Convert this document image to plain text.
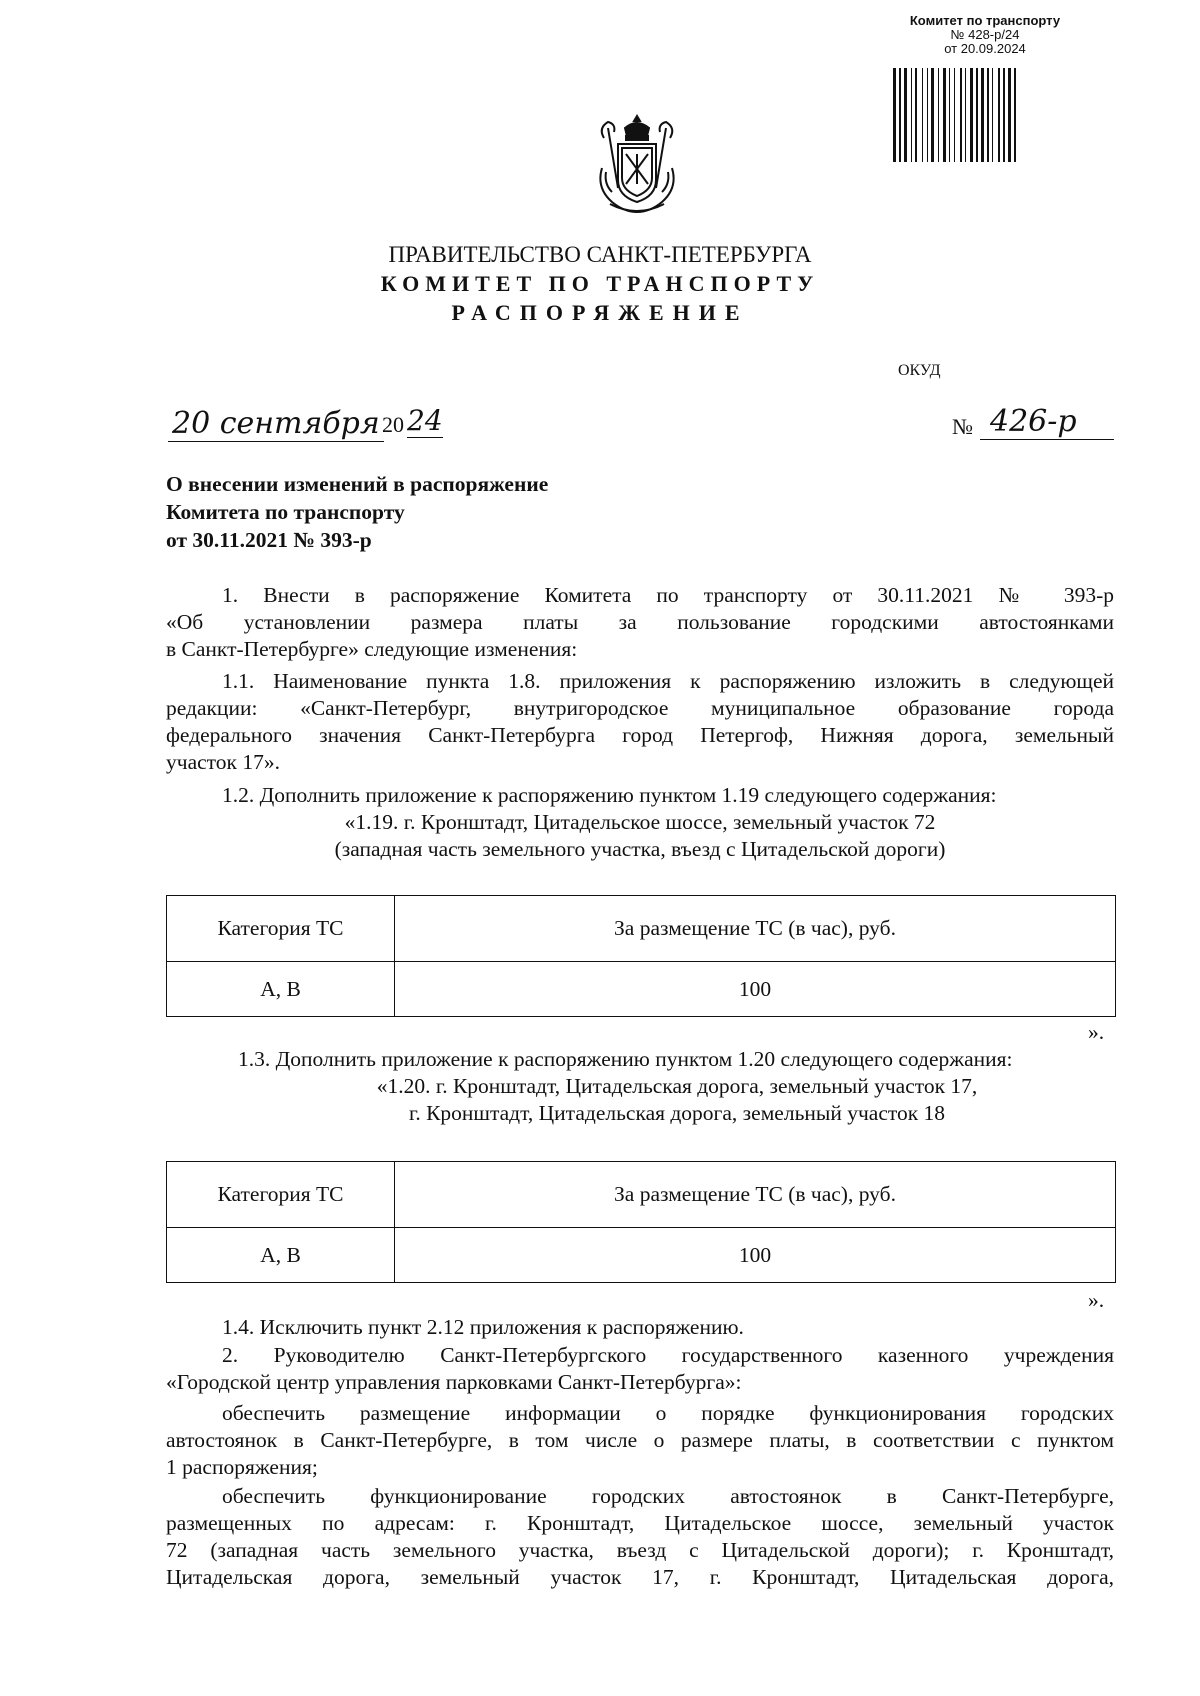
Комитет по транспорту
№ 428-р/24
от 20.09.2024
ПРАВИТЕЛЬСТВО САНКТ-ПЕТЕРБУРГА
КОМИТЕТ ПО ТРАНСПОРТУ
РАСПОРЯЖЕНИЕ
ОКУД
20 сентября 20 24	№ 426-р
О внесении изменений в распоряжение
Комитета по транспорту
от 30.11.2021 № 393-р
1. Внести в распоряжение Комитета по транспорту от 30.11.2021 № 393-р
«Об установлении размера платы за пользование городскими автостоянками
в Санкт-Петербурге» следующие изменения:
1.1. Наименование пункта 1.8. приложения к распоряжению изложить в следующей
редакции: «Санкт-Петербург, внутригородское муниципальное образование города
федерального значения Санкт-Петербурга город Петергоф, Нижняя дорога, земельный
участок 17».
1.2. Дополнить приложение к распоряжению пунктом 1.19 следующего содержания:
«1.19. г. Кронштадт, Цитадельское шоссе, земельный участок 72
(западная часть земельного участка, въезд с Цитадельской дороги)
Категория ТС	За размещение ТС (в час), руб.
А, В	100
».
1.3. Дополнить приложение к распоряжению пунктом 1.20 следующего содержания:
«1.20. г. Кронштадт, Цитадельская дорога, земельный участок 17,
г. Кронштадт, Цитадельская дорога, земельный участок 18
Категория ТС	За размещение ТС (в час), руб.
А, В	100
».
1.4. Исключить пункт 2.12 приложения к распоряжению.
2. Руководителю Санкт-Петербургского государственного казенного учреждения
«Городской центр управления парковками Санкт-Петербурга»:
обеспечить размещение информации о порядке функционирования городских
автостоянок в Санкт-Петербурге, в том числе о размере платы, в соответствии с пунктом
1 распоряжения;
обеспечить функционирование городских автостоянок в Санкт-Петербурге,
размещенных по адресам: г. Кронштадт, Цитадельское шоссе, земельный участок
72 (западная часть земельного участка, въезд с Цитадельской дороги); г. Кронштадт,
Цитадельская дорога, земельный участок 17, г. Кронштадт, Цитадельская дорога,
